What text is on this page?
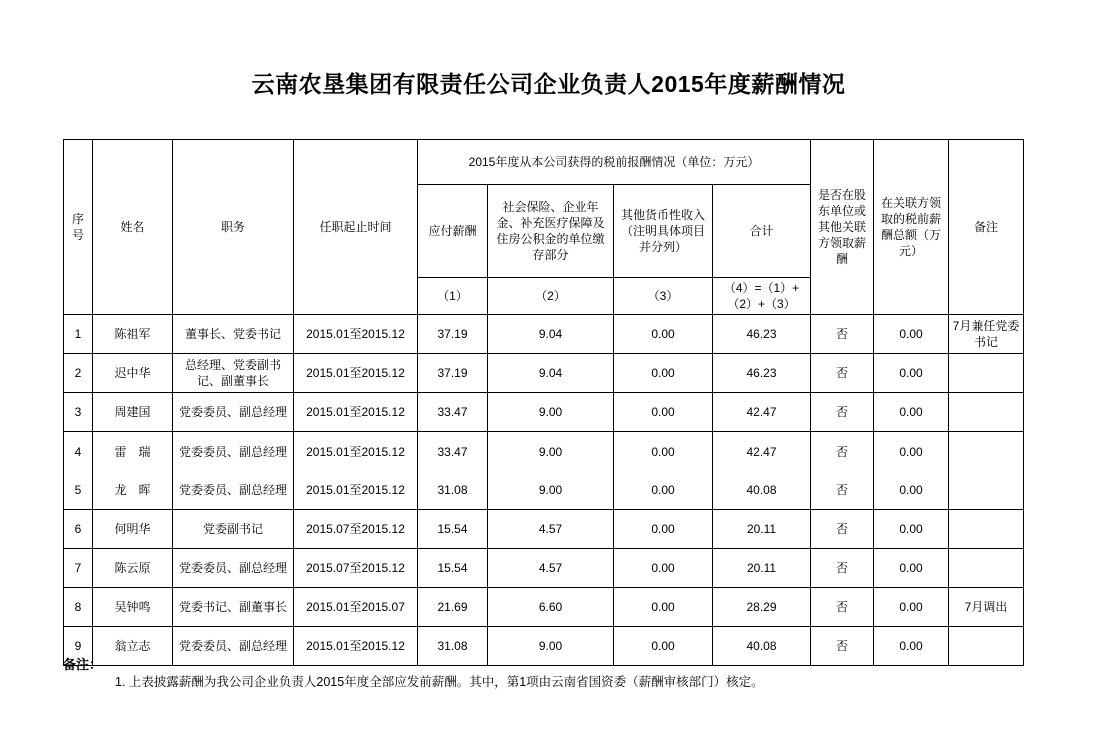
云南农垦集团有限责任公司企业负责人2015年度薪酬情况
序号	姓名	职务	任职起止时间	2015年度从本公司获得的税前报酬情况（单位：万元）				是否在股东单位或其他关联方领取薪酬	在关联方领取的税前薪酬总额（万元）	备注
				应付薪酬	社会保险、企业年金、补充医疗保障及住房公积金的单位缴存部分	其他货币性收入（注明具体项目并分列）	合计			
				（1）	（2）	（3）	（4）=（1）+（2）+（3）			
1	陈祖军	董事长、党委书记	2015.01至2015.12	37.19	9.04	0.00	46.23	否	0.00	7月兼任党委书记
2	迟中华	总经理、党委副书记、副董事长	2015.01至2015.12	37.19	9.04	0.00	46.23	否	0.00	
3	周建国	党委委员、副总经理	2015.01至2015.12	33.47	9.00	0.00	42.47	否	0.00	
4	雷　瑞	党委委员、副总经理	2015.01至2015.12	33.47	9.00	0.00	42.47	否	0.00	
5	龙　晖	党委委员、副总经理	2015.01至2015.12	31.08	9.00	0.00	40.08	否	0.00	
6	何明华	党委副书记	2015.07至2015.12	15.54	4.57	0.00	20.11	否	0.00	
7	陈云原	党委委员、副总经理	2015.07至2015.12	15.54	4.57	0.00	20.11	否	0.00	
8	吴钟鸣	党委书记、副董事长	2015.01至2015.07	21.69	6.60	0.00	28.29	否	0.00	7月调出
9	翁立志	党委委员、副总经理	2015.01至2015.12	31.08	9.00	0.00	40.08	否	0.00	
备注：
1. 上表披露薪酬为我公司企业负责人2015年度全部应发前薪酬。其中，第1项由云南省国资委（薪酬审核部门）核定。
